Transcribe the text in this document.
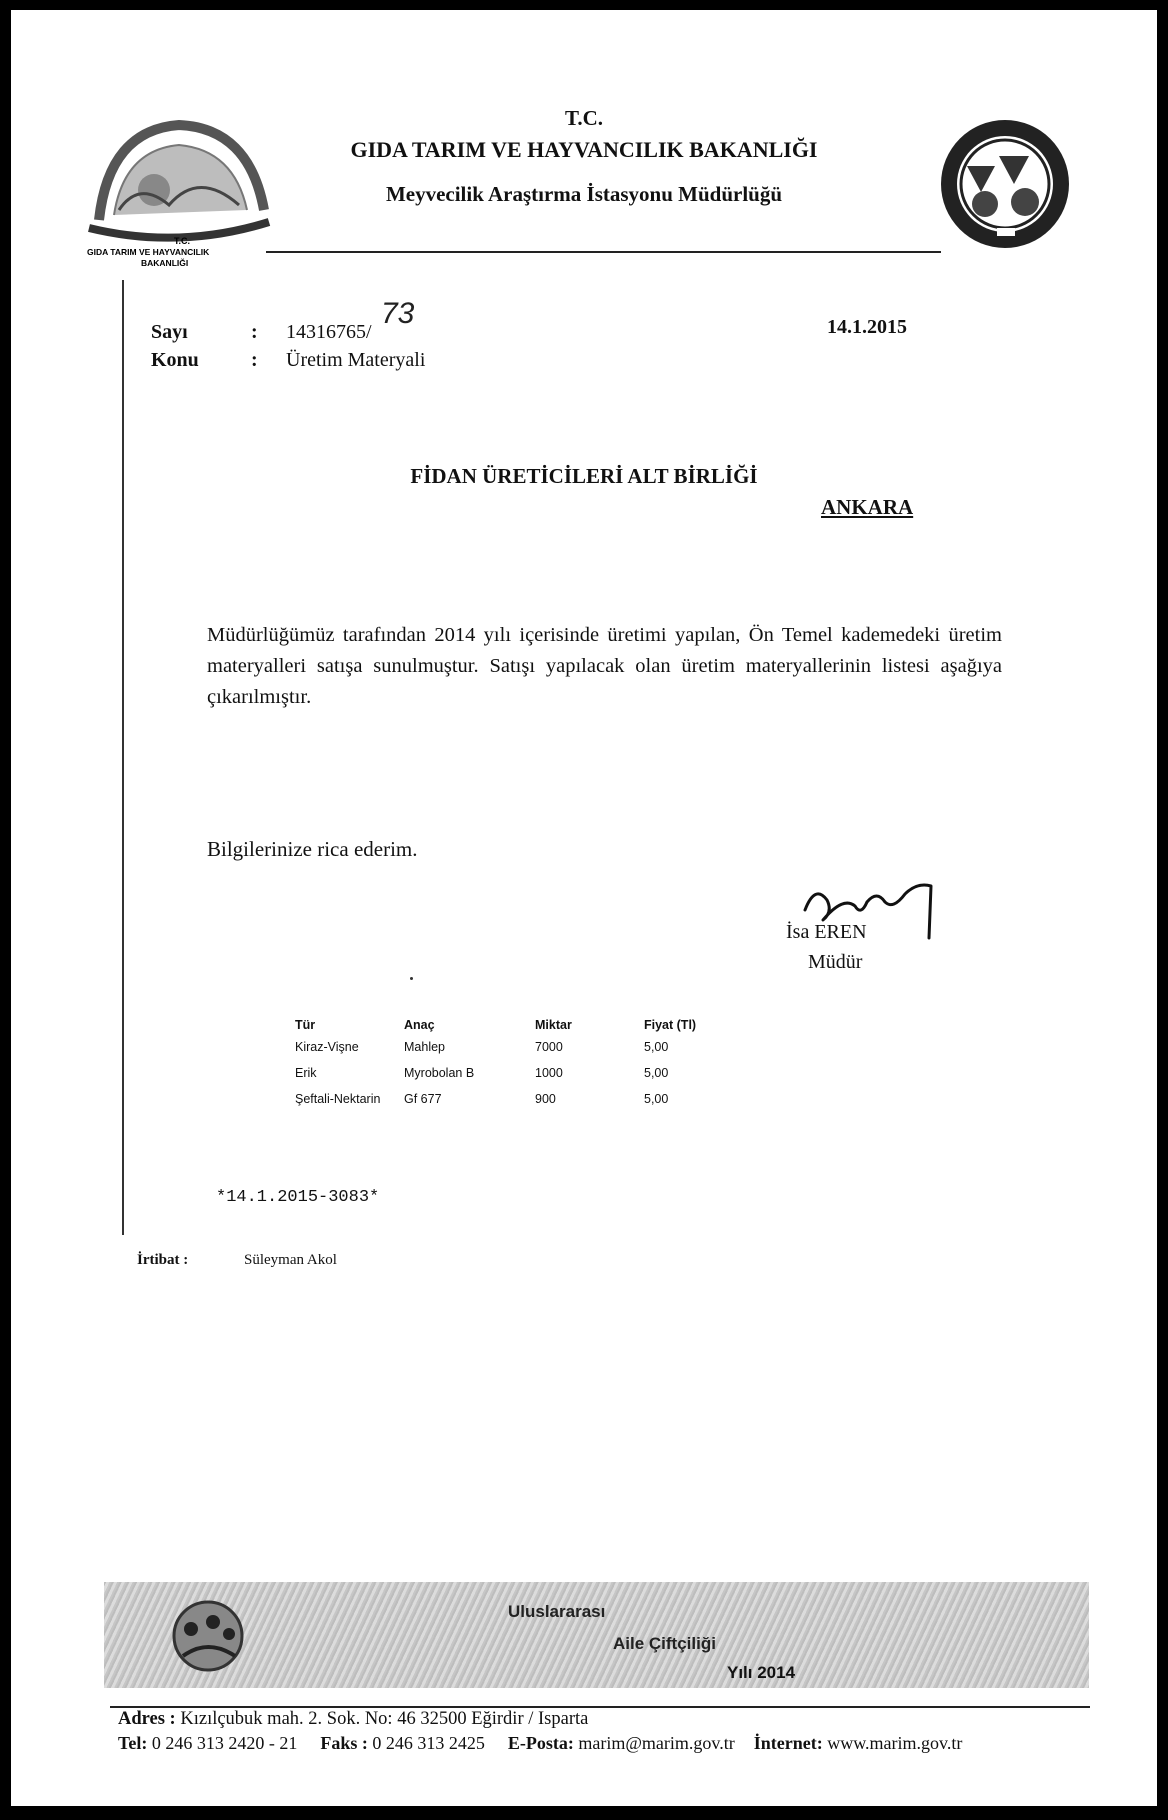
T.C.
GIDA TARIM VE HAYVANCILIK
BAKANLIĞI
T.C.
GIDA TARIM VE HAYVANCILIK BAKANLIĞI
Meyvecilik Araştırma İstasyonu Müdürlüğü
Sayı	: 14316765/
73
Konu	: Üretim Materyali
14.1.2015
FİDAN ÜRETİCİLERİ ALT BİRLİĞİ
ANKARA
Müdürlüğümüz tarafından 2014 yılı içerisinde üretimi yapılan, Ön Temel kademedeki üretim materyalleri satışa sunulmuştur. Satışı yapılacak olan üretim materyallerinin listesi aşağıya çıkarılmıştır.
Bilgilerinize rica ederim.
İsa EREN
Müdür
Tür	Anaç	Miktar	Fiyat (Tl)
Kiraz-Vişne	Mahlep	7000	5,00
Erik	Myrobolan B	1000	5,00
Şeftali-Nektarin	Gf 677	900	5,00
*14.1.2015-3083*
İrtibat :	Süleyman Akol
Uluslararası
Aile Çiftçiliği
Yılı 2014
Adres : Kızılçubuk mah. 2. Sok. No: 46 32500 Eğirdir / Isparta
Tel: 0 246 313 2420 - 21 Faks : 0 246 313 2425 E-Posta: marim@marim.gov.tr İnternet: www.marim.gov.tr
